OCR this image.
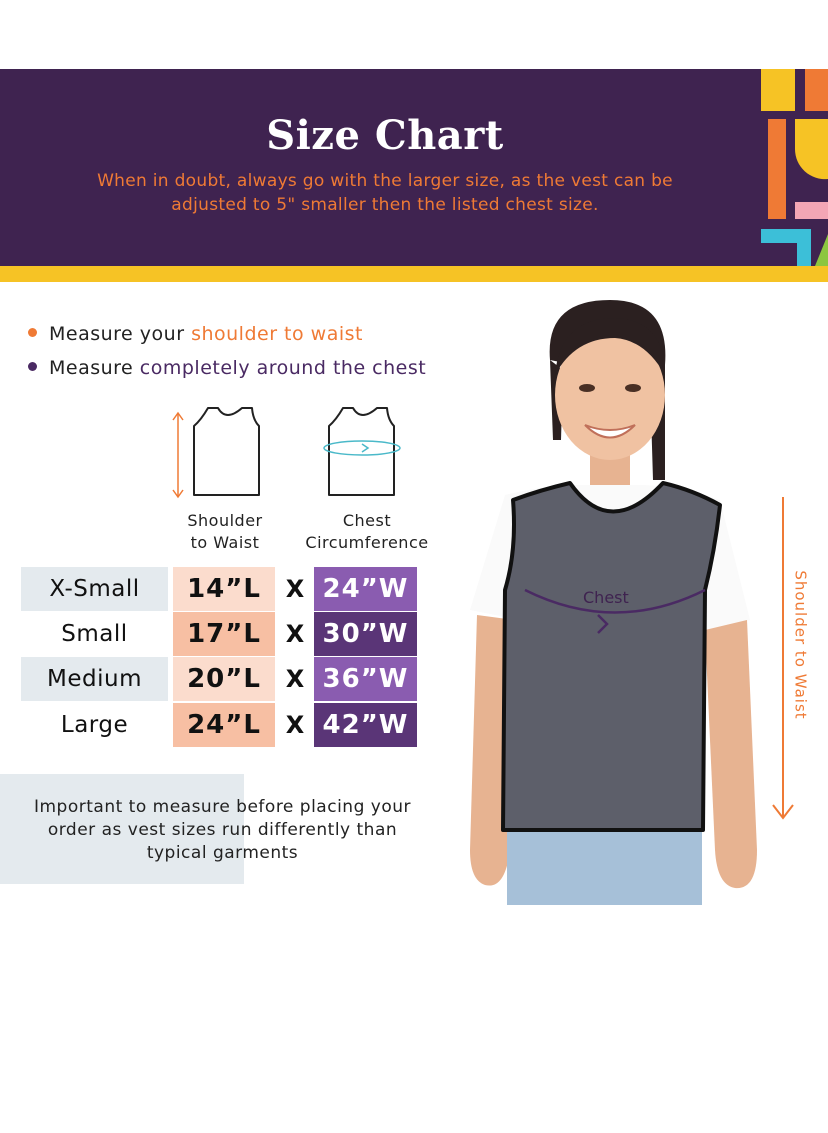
Size Chart
When in doubt, always go with the larger size, as the vest can be adjusted to 5" smaller then the listed chest size.
Measure your shoulder to waist
Measure completely around the chest
Shoulder
to Waist
Chest
Circumference
X-Small	14”L	X 24”W
Small	17”L	X 30”W
Medium	20”L	X 36”W
Large	24”L	X 42”W
Important to measure before placing your order as vest sizes run differently than typical garments
Chest	Shoulder to Waist
